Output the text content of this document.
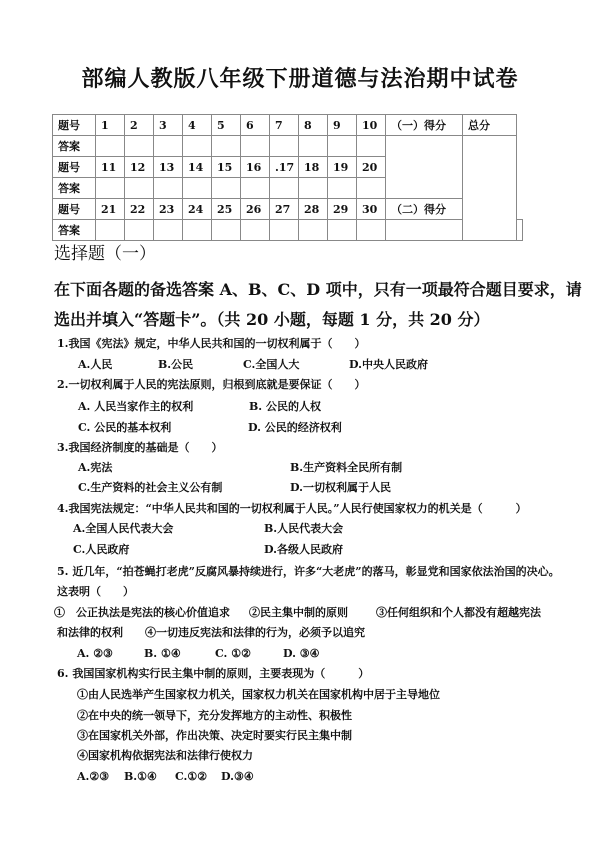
部编人教版八年级下册道德与法治期中试卷
题号	1	2	3	4	5	6	7	8	9	10	（一）得分	总分	
答案													
题号	11	12	13	14	15	16	.17	18	19	20			
答案													
题号	21	22	23	24	25	26	27	28	29	30	（二）得分		
答案													
选择题（一）
在下面各题的备选答案 A、B、C、D 项中，只有一项最符合题目要求，请
选出并填入“答题卡”。（共 20 小题，每题 1 分，共 20 分）
1.我国《宪法》规定，中华人民共和国的一切权利属于（　　）
A.人民	B.公民	C.全国人大	D.中央人民政府
2.一切权利属于人民的宪法原则，归根到底就是要保证（　　）
A. 人民当家作主的权利	B. 公民的人权
C. 公民的基本权利	D. 公民的经济权利
3.我国经济制度的基础是（　　）
A.宪法	B.生产资料全民所有制
C.生产资料的社会主义公有制	D.一切权利属于人民
4.我国宪法规定：“中华人民共和国的一切权利属于人民。”人民行使国家权力的机关是（　　　）
A.全国人民代表大会	B.人民代表大会
C.人民政府	D.各级人民政府
5. 近几年，“拍苍蝇打老虎”反腐风暴持续进行，许多“大老虎”的落马，彰显党和国家依法治国的决心。
这表明（　　）
①　公正执法是宪法的核心价值追求 ②民主集中制的原则	③任何组织和个人都没有超越宪法
和法律的权利 ④一切违反宪法和法律的行为，必须予以追究
A. ②③	B. ①④	C. ①②	D. ③④
6. 我国国家机构实行民主集中制的原则，主要表现为（　　　）
①由人民选举产生国家权力机关，国家权力机关在国家机构中居于主导地位
②在中央的统一领导下，充分发挥地方的主动性、积极性
③在国家机关外部，作出决策、决定时要实行民主集中制
④国家机构依据宪法和法律行使权力
A.②③ B.①④ C.①② D.③④
